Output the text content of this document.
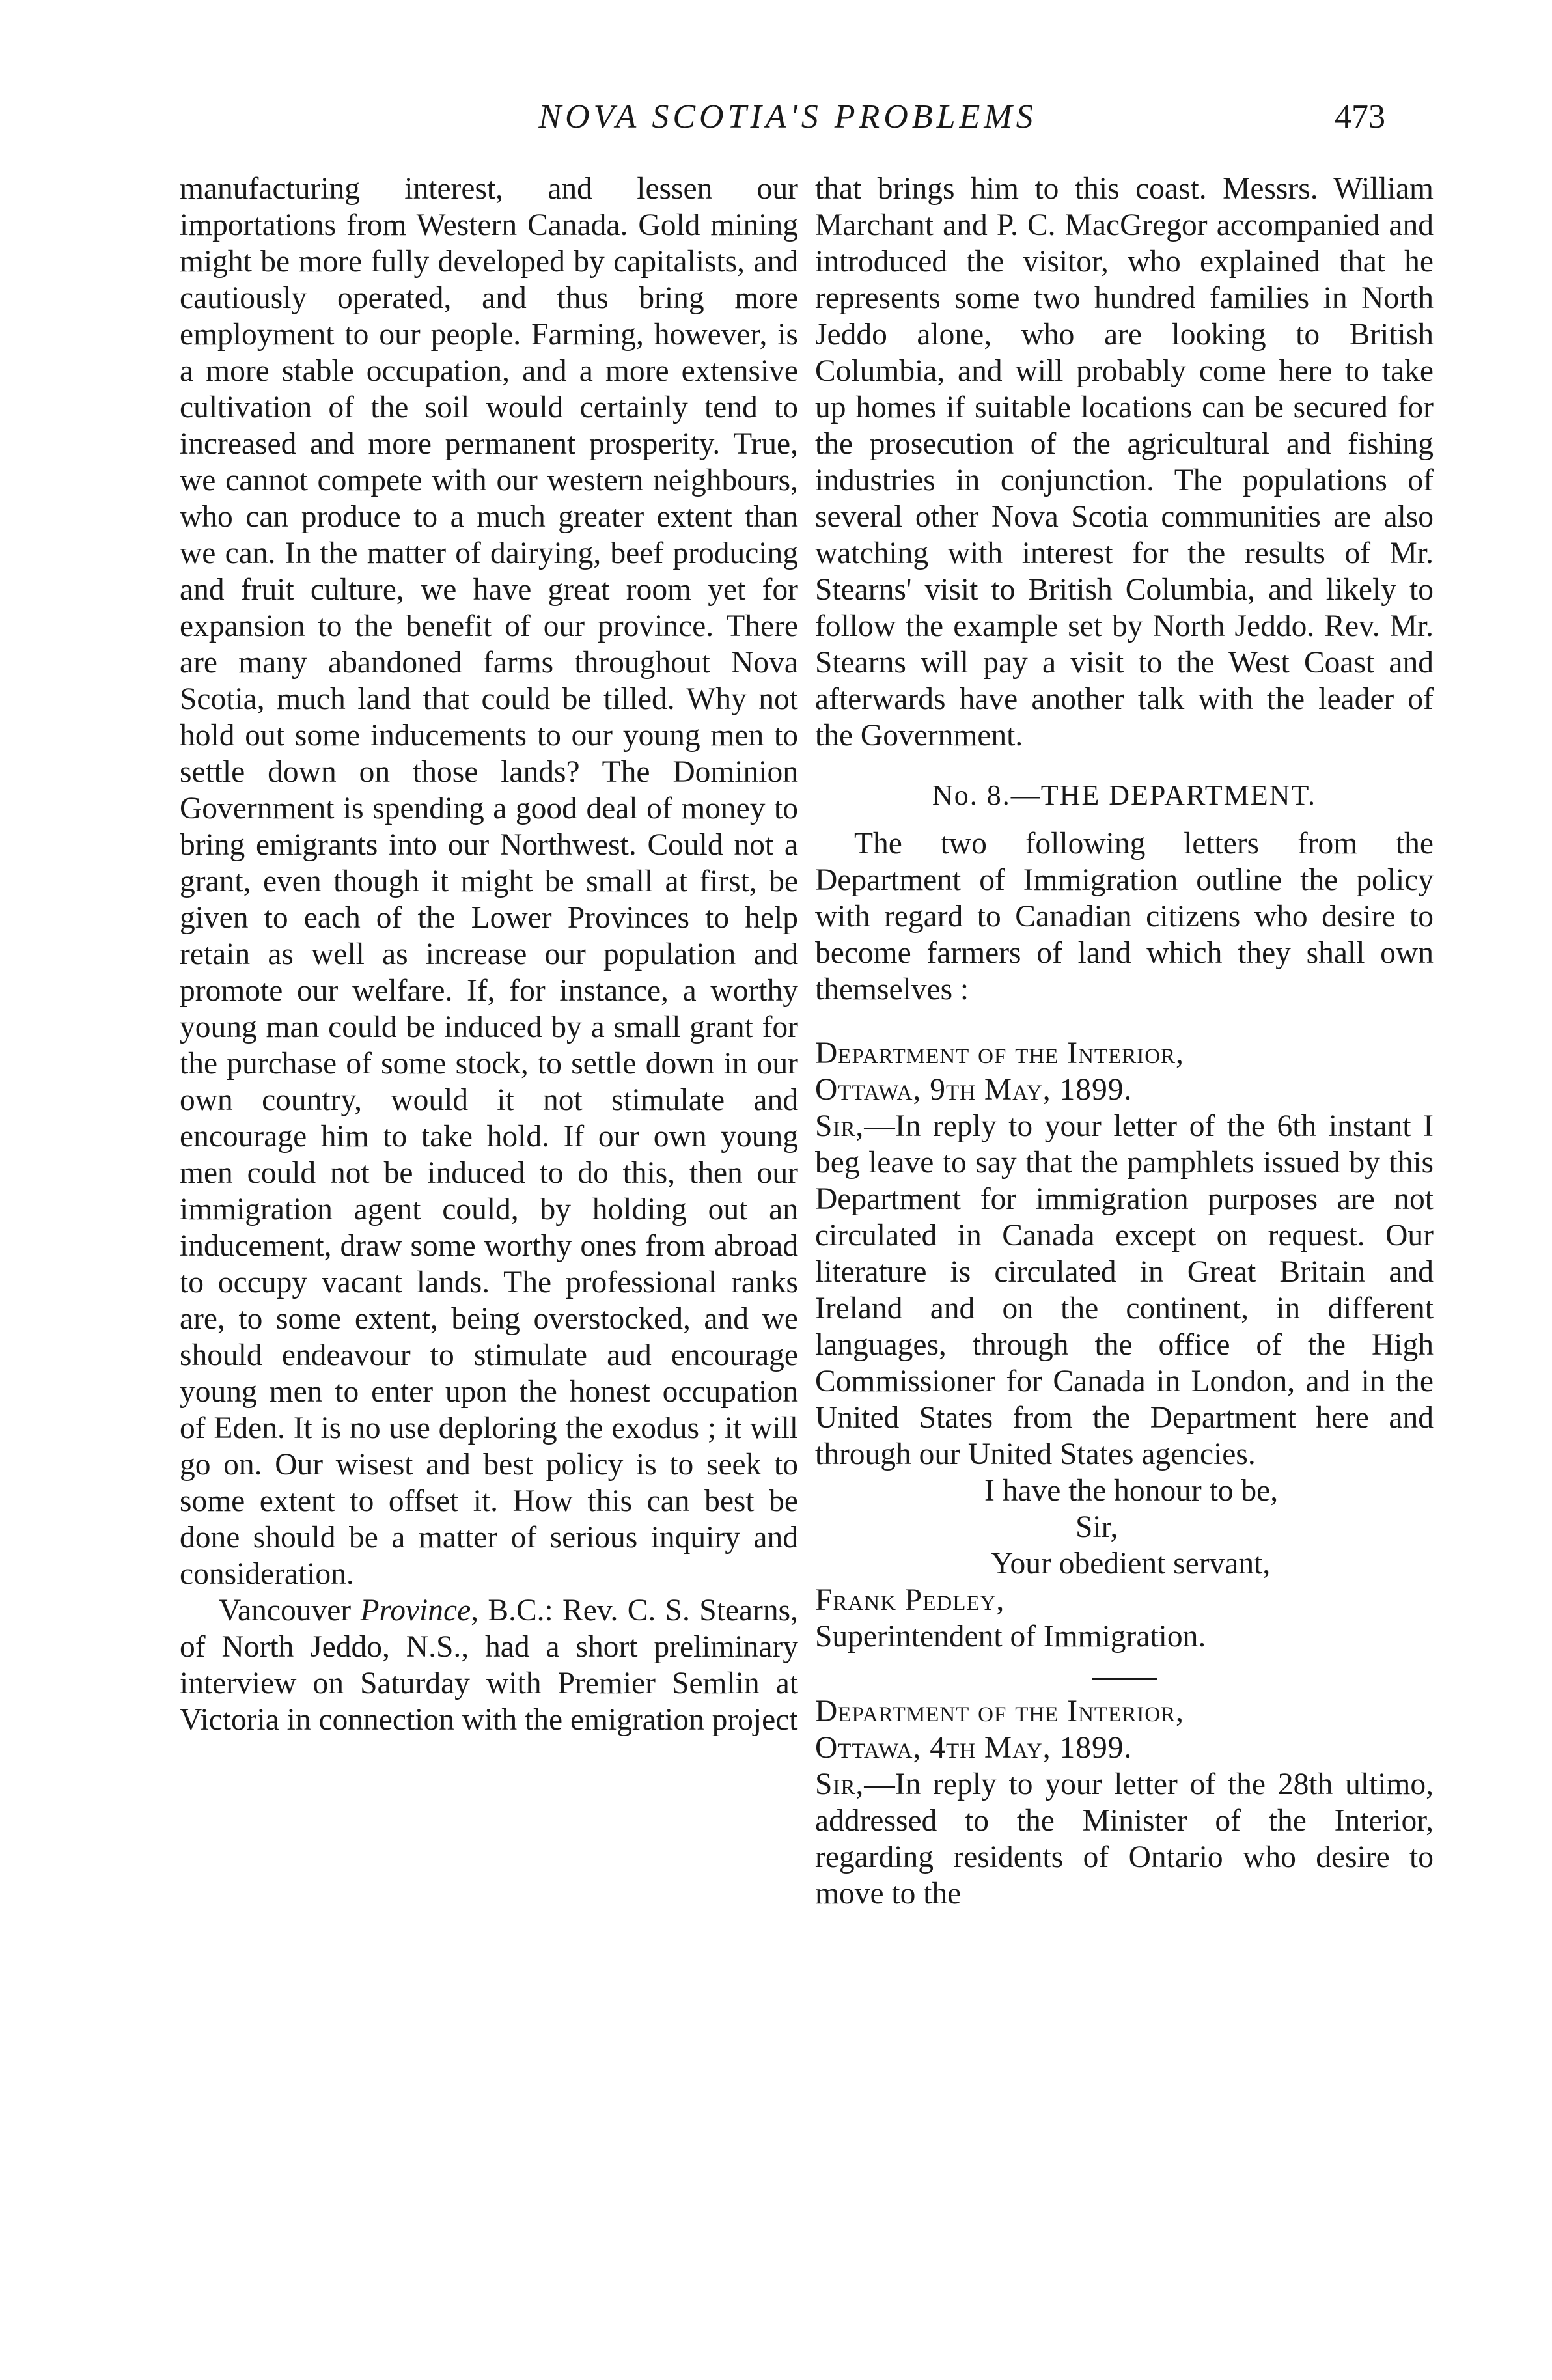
NOVA SCOTIA'S PROBLEMS	473

manufacturing interest, and lessen our importations from Western Canada. Gold mining might be more fully developed by capitalists, and cautiously operated, and thus bring more employment to our people. Farming, however, is a more stable occupation, and a more extensive cultivation of the soil would certainly tend to increased and more permanent prosperity. True, we cannot compete with our western neighbours, who can produce to a much greater extent than we can. In the matter of dairying, beef producing and fruit culture, we have great room yet for expansion to the benefit of our province. There are many abandoned farms throughout Nova Scotia, much land that could be tilled. Why not hold out some inducements to our young men to settle down on those lands? The Dominion Government is spending a good deal of money to bring emigrants into our Northwest. Could not a grant, even though it might be small at first, be given to each of the Lower Provinces to help retain as well as increase our population and promote our welfare. If, for instance, a worthy young man could be induced by a small grant for the purchase of some stock, to settle down in our own country, would it not stimulate and encourage him to take hold. If our own young men could not be induced to do this, then our immigration agent could, by holding out an inducement, draw some worthy ones from abroad to occupy vacant lands. The professional ranks are, to some extent, being overstocked, and we should endeavour to stimulate aud encourage young men to enter upon the honest occupation of Eden. It is no use deploring the exodus ; it will go on. Our wisest and best policy is to seek to some extent to offset it. How this can best be done should be a matter of serious inquiry and consideration.

Vancouver Province, B.C.: Rev. C. S. Stearns, of North Jeddo, N.S., had a short preliminary interview on Saturday with Premier Semlin at Victoria in connection with the emigration project

that brings him to this coast. Messrs. William Marchant and P. C. MacGregor accompanied and introduced the visitor, who explained that he represents some two hundred families in North Jeddo alone, who are looking to British Columbia, and will probably come here to take up homes if suitable locations can be secured for the prosecution of the agricultural and fishing industries in conjunction. The populations of several other Nova Scotia communities are also watching with interest for the results of Mr. Stearns' visit to British Columbia, and likely to follow the example set by North Jeddo. Rev. Mr. Stearns will pay a visit to the West Coast and afterwards have another talk with the leader of the Government.

No. 8.—THE DEPARTMENT.

The two following letters from the Department of Immigration outline the policy with regard to Canadian citizens who desire to become farmers of land which they shall own themselves :

Department of the Interior,

Ottawa, 9th May, 1899.

Sir,—In reply to your letter of the 6th instant I beg leave to say that the pamphlets issued by this Department for immigration purposes are not circulated in Canada except on request. Our literature is circulated in Great Britain and Ireland and on the continent, in different languages, through the office of the High Commissioner for Canada in London, and in the United States from the Department here and through our United States agencies.

I have the honour to be,

Sir,

Your obedient servant,

Frank Pedley,

Superintendent of Immigration.

Department of the Interior,

Ottawa, 4th May, 1899.

Sir,—In reply to your letter of the 28th ultimo, addressed to the Minister of the Interior, regarding residents of Ontario who desire to move to the
